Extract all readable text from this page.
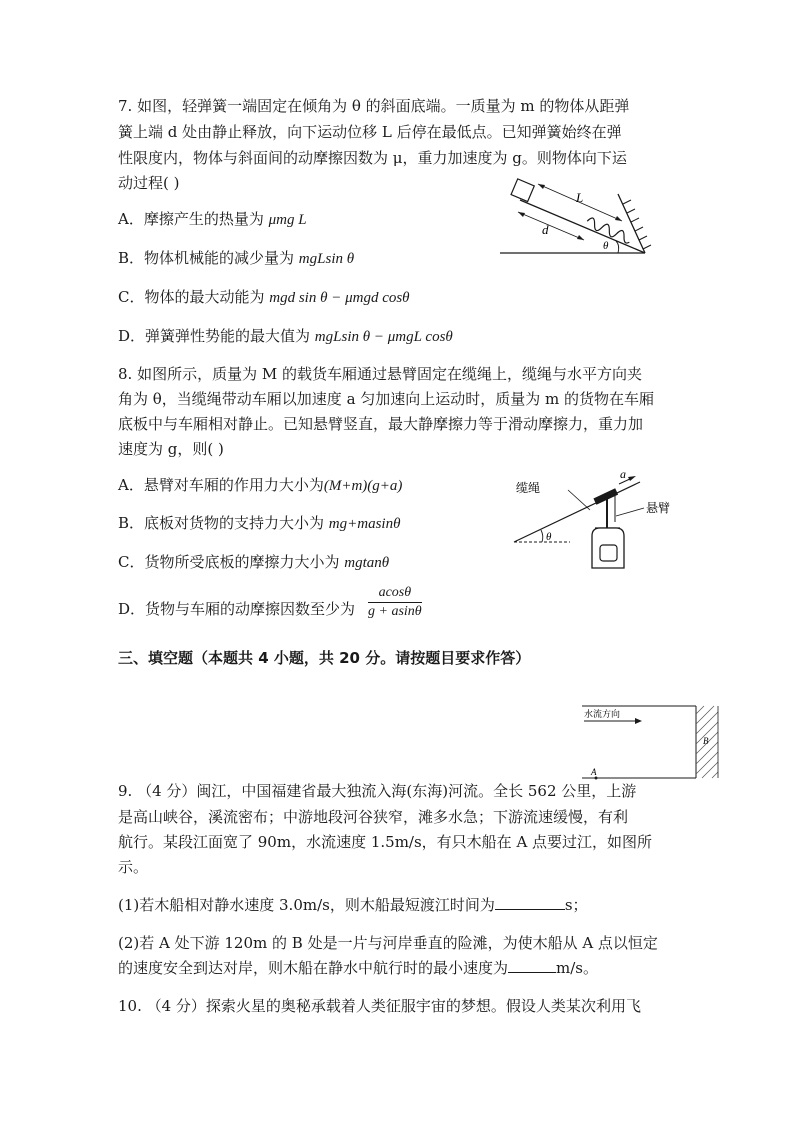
7. 如图，轻弹簧一端固定在倾角为 θ 的斜面底端。一质量为 m 的物体从距弹
簧上端 d 处由静止释放，向下运动位移 L 后停在最低点。已知弹簧始终在弹
性限度内，物体与斜面间的动摩擦因数为 μ，重力加速度为 g。则物体向下运
动过程( )
A．摩擦产生的热量为 μmg L
B．物体机械能的减少量为 mgLsin θ
C．物体的最大动能为 mgd sin θ − μmgd cosθ
D．弹簧弹性势能的最大值为 mgLsin θ − μmgL cosθ
L
d
θ
8. 如图所示，质量为 M 的载货车厢通过悬臂固定在缆绳上，缆绳与水平方向夹
角为 θ，当缆绳带动车厢以加速度 a 匀加速向上运动时，质量为 m 的货物在车厢
底板中与车厢相对静止。已知悬臂竖直，最大静摩擦力等于滑动摩擦力，重力加
速度为 g，则( )
A．悬臂对车厢的作用力大小为(M+m)(g+a)
B．底板对货物的支持力大小为 mg+masinθ
C．货物所受底板的摩擦力大小为 mgtanθ
D．货物与车厢的动摩擦因数至少为 $\frac{acos\theta}{g + asin\theta}$
θ
a
缆绳
悬臂
三、填空题（本题共 4 小题，共 20 分。请按题目要求作答）
水流方向
B
A
9. （4 分）闽江，中国福建省最大独流入海(东海)河流。全长 562 公里，上游
是高山峡谷，溪流密布；中游地段河谷狭窄，滩多水急；下游流速缓慢，有利
航行。某段江面宽了 90m，水流速度 1.5m/s，有只木船在 A 点要过江，如图所
示。
(1)若木船相对静水速度 3.0m/s，则木船最短渡江时间为	s；
(2)若 A 处下游 120m 的 B 处是一片与河岸垂直的险滩，为使木船从 A 点以恒定
的速度安全到达对岸，则木船在静水中航行时的最小速度为	m/s。
10. （4 分）探索火星的奥秘承载着人类征服宇宙的梦想。假设人类某次利用飞
